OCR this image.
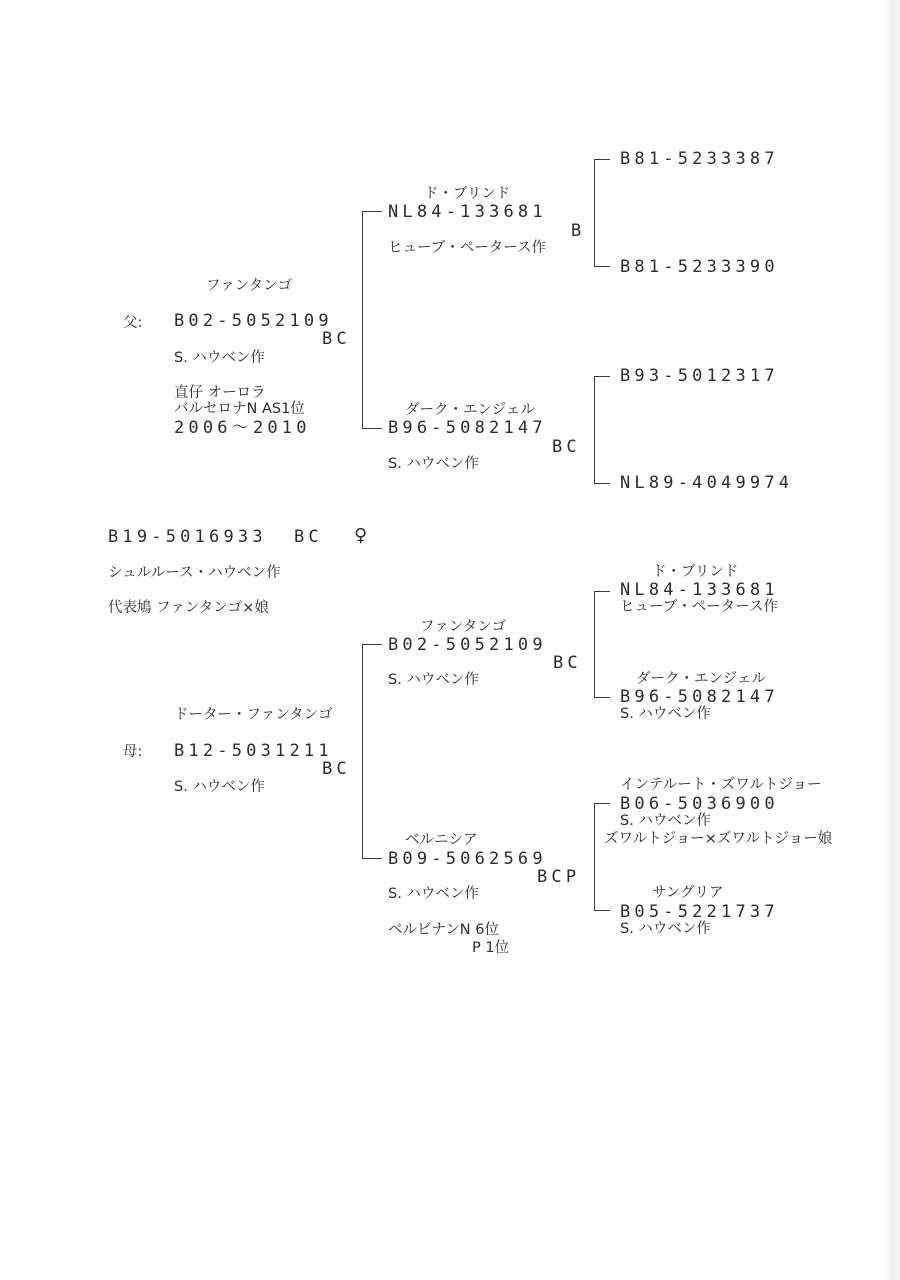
ファンタンゴ
父: B02-5052109
BC
S. ハウベン作
直仔 オーロラ
バルセロナN AS1位
2006～2010
ド・ブリンド
NL84-133681
B
ヒューブ・ペータース作
B81-5233387
B81-5233390
ダーク・エンジェル
B96-5082147
BC
S. ハウベン作
B93-5012317
NL89-4049974
B19-5016933 BC ♀
シュルルース・ハウベン作
代表鳩 ファンタンゴ×娘
ドーター・ファンタンゴ
母: B12-5031211
BC
S. ハウベン作
ファンタンゴ
B02-5052109
BC
S. ハウベン作
ド・ブリンド
NL84-133681
ヒューブ・ペータース作
ダーク・エンジェル
B96-5082147
S. ハウベン作
ベルニシア
B09-5062569
BCP
S. ハウベン作
ベルビナンN 6位
P 1位
インテルート・ズワルトジョー
B06-5036900
S. ハウベン作
ズワルトジョー×ズワルトジョー娘
サングリア
B05-5221737
S. ハウベン作
